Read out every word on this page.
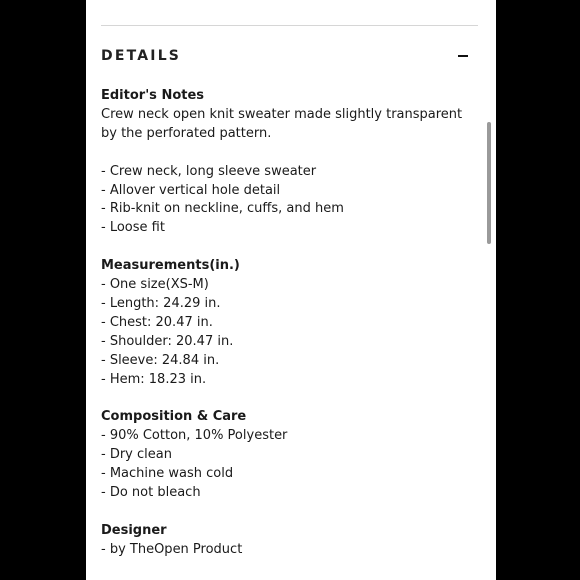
DETAILS
Editor's Notes
Crew neck open knit sweater made slightly transparent by the perforated pattern.
- Crew neck, long sleeve sweater
- Allover vertical hole detail
- Rib-knit on neckline, cuffs, and hem
- Loose fit
Measurements(in.)
- One size(XS-M)
- Length: 24.29 in.
- Chest: 20.47 in.
- Shoulder: 20.47 in.
- Sleeve: 24.84 in.
- Hem: 18.23 in.
Composition & Care
- 90% Cotton, 10% Polyester
- Dry clean
- Machine wash cold
- Do not bleach
Designer
- by TheOpen Product
